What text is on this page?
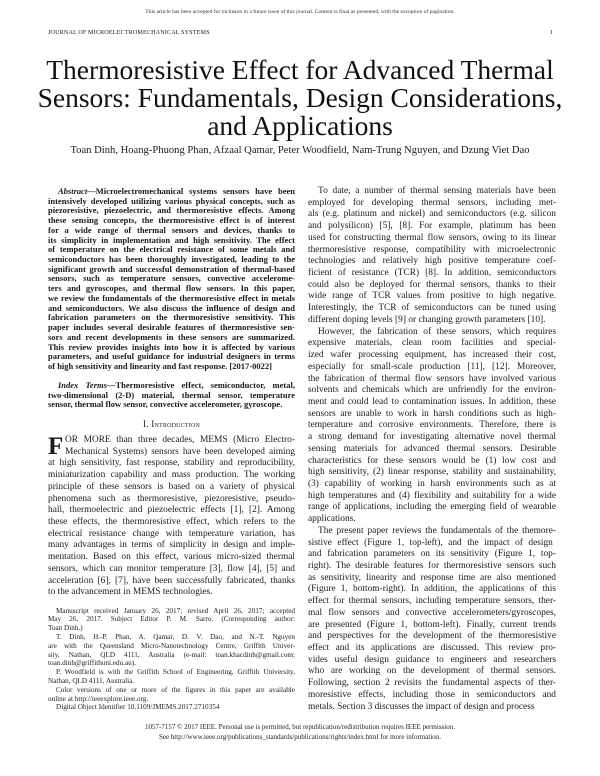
This article has been accepted for inclusion in a future issue of this journal. Content is final as presented, with the exception of pagination.
JOURNAL OF MICROELECTROMECHANICAL SYSTEMS	1
Thermoresistive Effect for Advanced Thermal
Sensors: Fundamentals, Design Considerations,
and Applications
Toan Dinh, Hoang-Phuong Phan, Afzaal Qamar, Peter Woodfield, Nam-Trung Nguyen, and Dzung Viet Dao
Abstract—Microelectromechanical systems sensors have been
intensively developed utilizing various physical concepts, such as
piezoresistive, piezoelectric, and thermoresistive effects. Among
these sensing concepts, the thermoresistive effect is of interest
for a wide range of thermal sensors and devices, thanks to
its simplicity in implementation and high sensitivity. The effect
of temperature on the electrical resistance of some metals and
semiconductors has been thoroughly investigated, leading to the
significant growth and successful demonstration of thermal-based
sensors, such as temperature sensors, convective accelerome-
ters and gyroscopes, and thermal flow sensors. In this paper,
we review the fundamentals of the thermoresistive effect in metals
and semiconductors. We also discuss the influence of design and
fabrication parameters on the thermoresistive sensitivity. This
paper includes several desirable features of thermoresistive sen-
sors and recent developments in these sensors are summarized.
This review provides insights into how it is affected by various
parameters, and useful guidance for industrial designers in terms
of high sensitivity and linearity and fast response. [2017-0022]
Index Terms—Thermoresistive effect, semiconductor, metal,
two-dimensional (2-D) material, thermal sensor, temperature
sensor, thermal flow sensor, convective accelerometer, gyroscope.
I. Introduction
F OR MORE than three decades, MEMS (Micro Electro-
Mechanical Systems) sensors have been developed aiming
at high sensitivity, fast response, stability and reproducibility,
miniaturization capability and mass production. The working
principle of these sensors is based on a variety of physical
phenomena such as thermoresistive, piezoresistive, pseudo-
hall, thermoelectric and piezoelectric effects [1], [2]. Among
these effects, the thermoresistive effect, which refers to the
electrical resistance change with temperature variation, has
many advantages in terms of simplicity in design and imple-
mentation. Based on this effect, various micro-sized thermal
sensors, which can monitor temperature [3], flow [4], [5] and
acceleration [6], [7], have been successfully fabricated, thanks
to the advancement in MEMS technologies.
Manuscript received January 26, 2017; revised April 26, 2017; accepted
May 26, 2017. Subject Editor P. M. Sarro. (Corresponding author:
Toan Dinh.)
T. Dinh, H.-P. Phan, A. Qamar, D. V. Dao, and N.-T. Nguyen
are with the Queensland Micro-Nanotechnology Centre, Griffith Univer-
sity, Nathan, QLD 4111, Australia (e-mail: toan.khacdinh@gmail.com;
toan.dinh@griffithuni.edu.au).
P. Woodfield is with the Griffith School of Engineering, Griffith University,
Nathan, QLD 4111, Australia.
Color versions of one or more of the figures in this paper are available
online at http://ieeexplore.ieee.org.
Digital Object Identifier 10.1109/JMEMS.2017.2710354
To date, a number of thermal sensing materials have been
employed for developing thermal sensors, including met-
als (e.g. platinum and nickel) and semiconductors (e.g. silicon
and polysilicon) [5], [8]. For example, platinum has been
used for constructing thermal flow sensors, owing to its linear
thermoresistive response, compatibility with microelectronic
technologies and relatively high positive temperature coef-
ficient of resistance (TCR) [8]. In addition, semiconductors
could also be deployed for thermal sensors, thanks to their
wide range of TCR values from positive to high negative.
Interestingly, the TCR of semiconductors can be tuned using
different doping levels [9] or changing growth parameters [10].
However, the fabrication of these sensors, which requires
expensive materials, clean room facilities and special-
ized wafer processing equipment, has increased their cost,
especially for small-scale production [11], [12]. Moreover,
the fabrication of thermal flow sensors have involved various
solvents and chemicals which are unfriendly for the environ-
ment and could lead to contamination issues. In addition, these
sensors are unable to work in harsh conditions such as high-
temperature and corrosive environments. Therefore, there is
a strong demand for investigating alternative novel thermal
sensing materials for advanced thermal sensors. Desirable
characteristics for these sensors would be (1) low cost and
high sensitivity, (2) linear response, stability and sustainability,
(3) capability of working in harsh environments such as at
high temperatures and (4) flexibility and suitability for a wide
range of applications, including the emerging field of wearable
applications.
The present paper reviews the fundamentals of the themore-
sistive effect (Figure 1, top-left), and the impact of design
and fabrication parameters on its sensitivity (Figure 1, top-
right). The desirable features for thermoresistive sensors such
as sensitivity, linearity and response time are also mentioned
(Figure 1, bottom-right). In addition, the applications of this
effect for thermal sensors, including temperature sensors, ther-
mal flow sensors and convective accelerometers/gyroscopes,
are presented (Figure 1, bottom-left). Finally, current trends
and perspectives for the development of the thermoresistive
effect and its applications are discussed. This review pro-
vides useful design guidance to engineers and researchers
who are working on the development of thermal sensors.
Following, section 2 revisits the fundamental aspects of ther-
moresistive effects, including those in semiconductors and
metals. Section 3 discusses the impact of design and process
1057-7157 © 2017 IEEE. Personal use is permitted, but republication/redistribution requires IEEE permission.
See http://www.ieee.org/publications_standards/publications/rights/index.html for more information.
